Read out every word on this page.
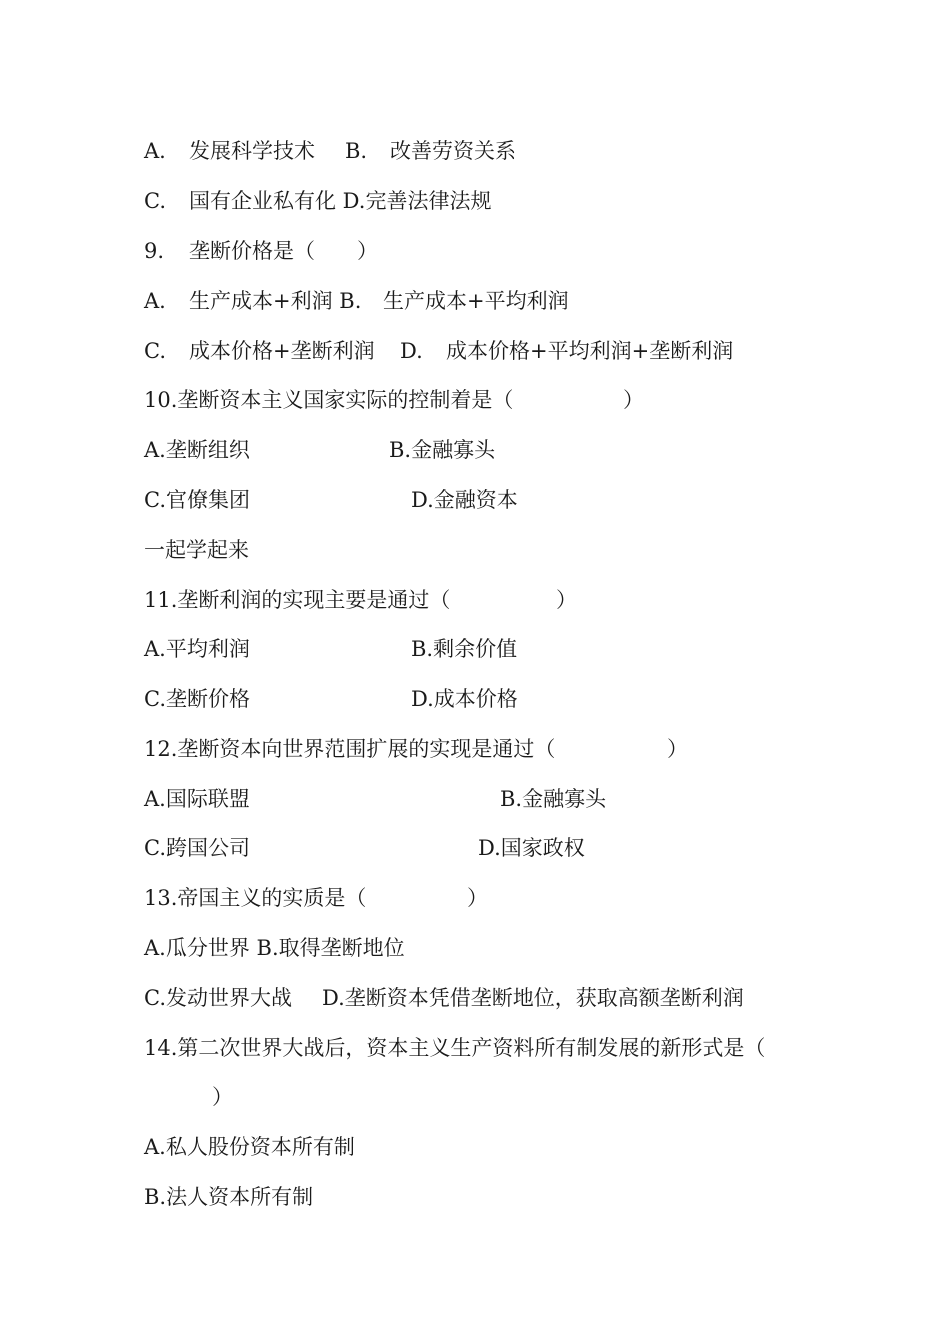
A.

发展科学技术

B.

改善劳资关系

C.

国有企业私有化 D.完善法律法规

9.

垄断价格是（　　）

A.

生产成本+利润 B.

生产成本+平均利润

C.

成本价格+垄断利润

D.

成本价格+平均利润+垄断利润

10.垄断资本主义国家实际的控制着是（

	）

A.垄断组织

	B.金融寡头

C.官僚集团

	D.金融资本

一起学起来

11.垄断利润的实现主要是通过（

	）

A.平均利润

	B.剩余价值

C.垄断价格

	D.成本价格

12.垄断资本向世界范围扩展的实现是通过（

	）

A.国际联盟

	B.金融寡头

C.跨国公司

	D.国家政权

13.帝国主义的实质是（

	）

A.瓜分世界 B.取得垄断地位

C.发动世界大战

D.垄断资本凭借垄断地位，获取高额垄断利润

14.第二次世界大战后，资本主义生产资料所有制发展的新形式是（

）

A.私人股份资本所有制

B.法人资本所有制
